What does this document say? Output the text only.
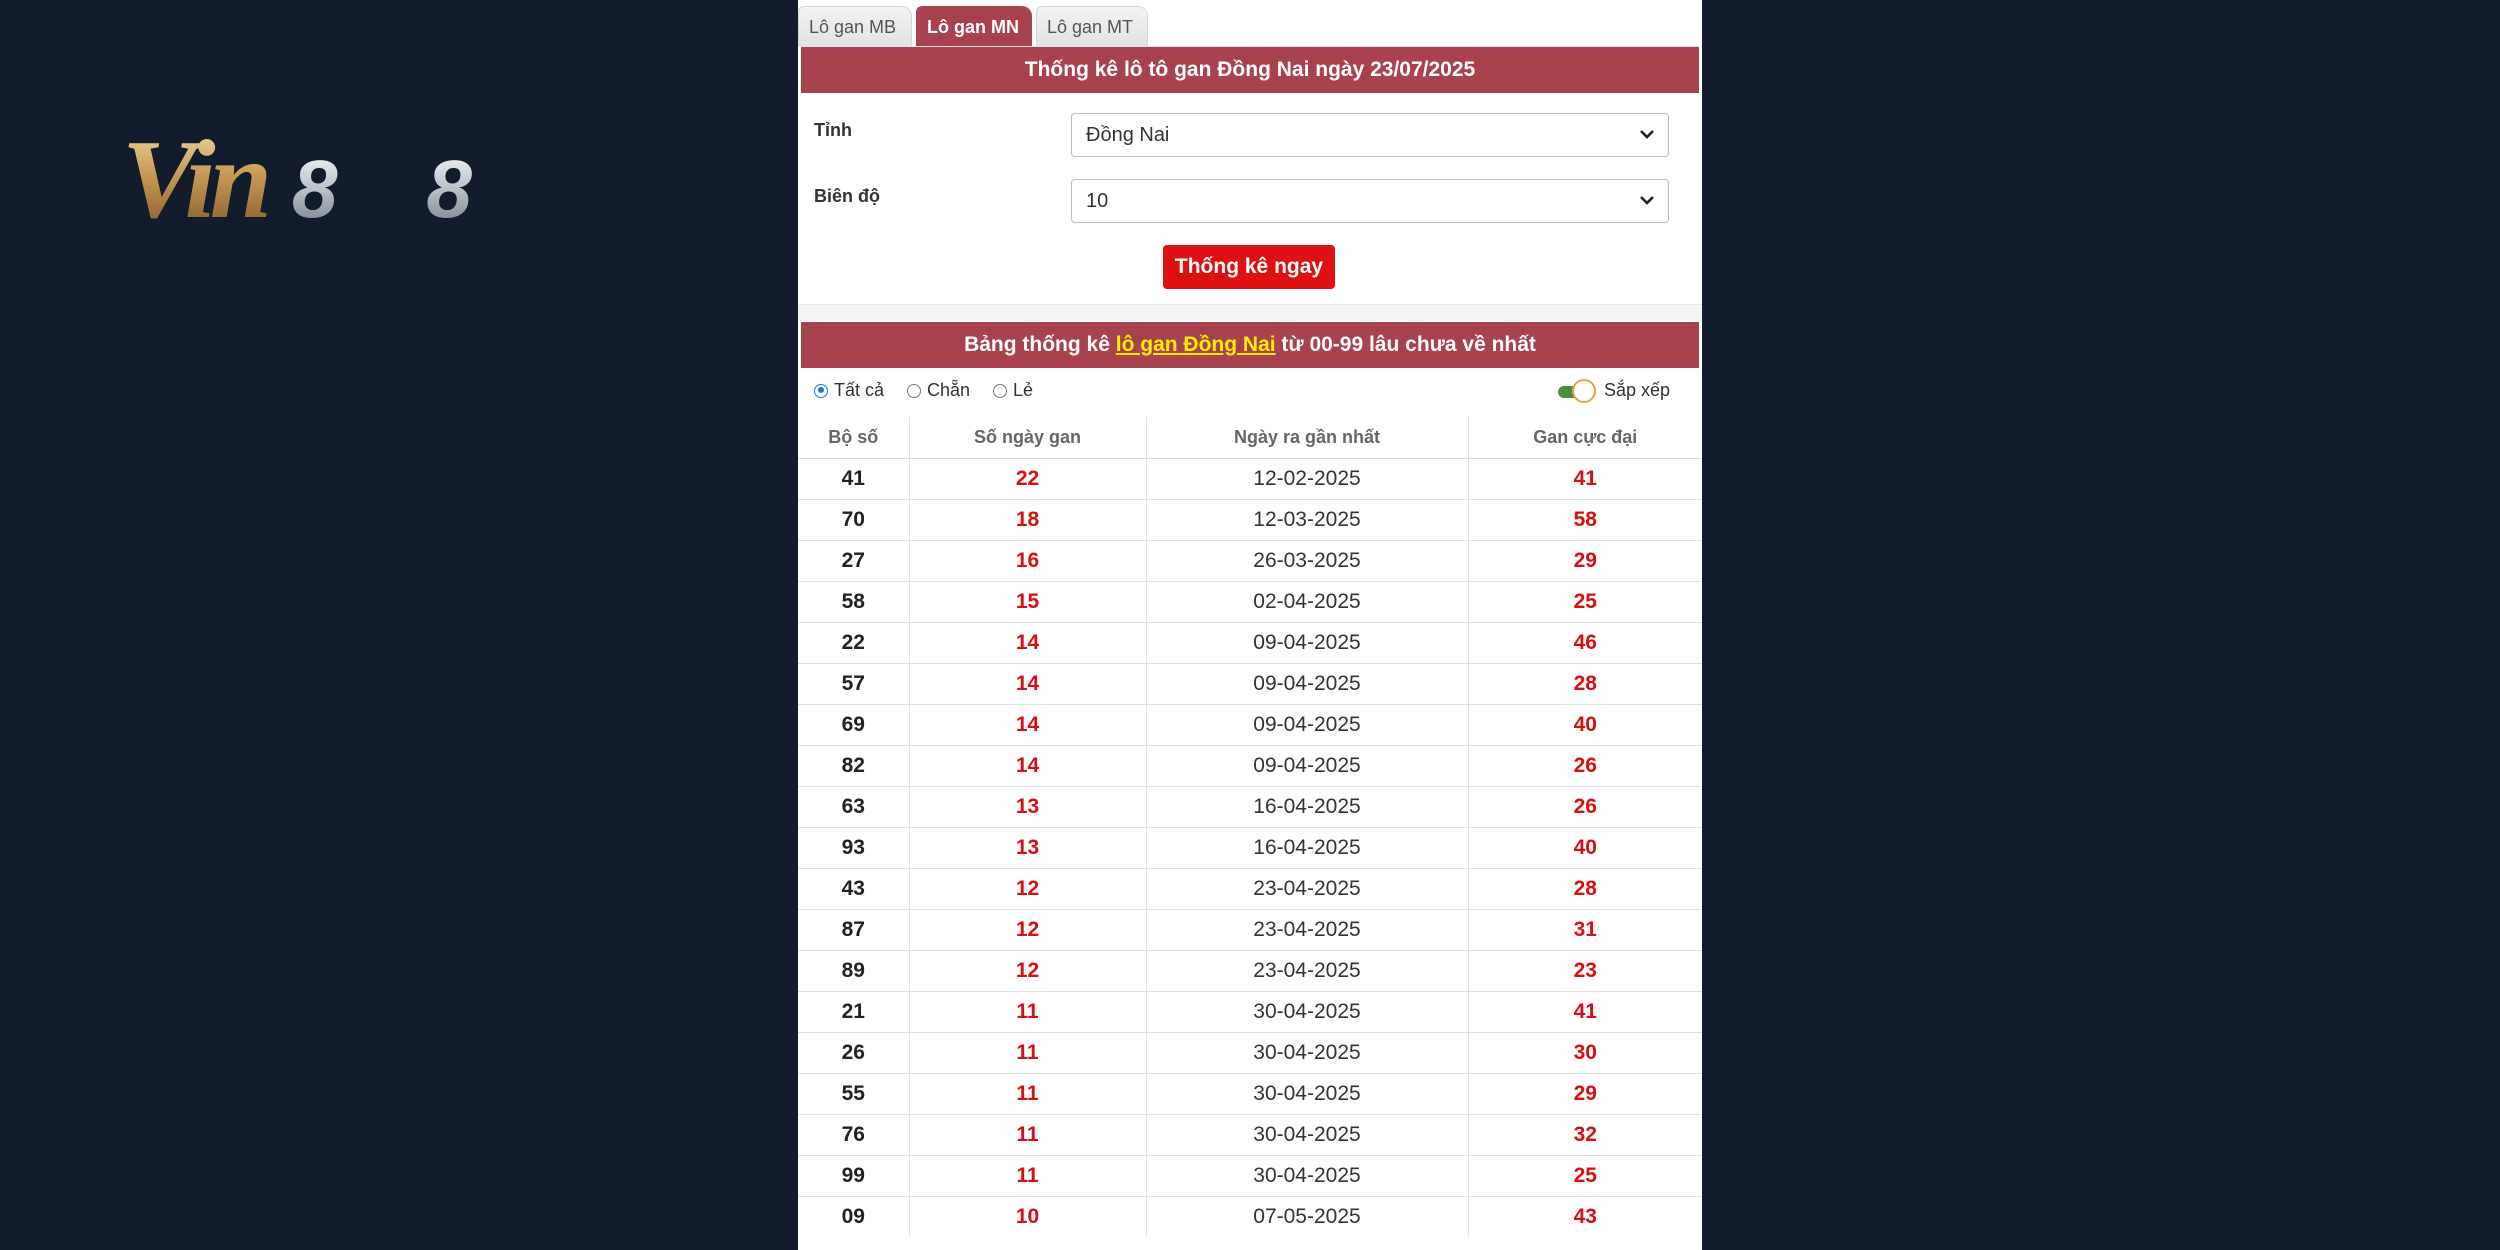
Vin 88
Lô gan MB	Lô gan MN	Lô gan MT
Thống kê lô tô gan Đồng Nai ngày 23/07/2025
Tỉnh	Đồng Nai
Biên độ	10
Thống kê ngay
Bảng thống kê lô gan Đồng Nai từ 00-99 lâu chưa về nhất
Tất cả Chẵn Lẻ	Sắp xếp
Bộ số	Số ngày gan	Ngày ra gần nhất	Gan cực đại
41	22	12-02-2025	41
70	18	12-03-2025	58
27	16	26-03-2025	29
58	15	02-04-2025	25
22	14	09-04-2025	46
57	14	09-04-2025	28
69	14	09-04-2025	40
82	14	09-04-2025	26
63	13	16-04-2025	26
93	13	16-04-2025	40
43	12	23-04-2025	28
87	12	23-04-2025	31
89	12	23-04-2025	23
21	11	30-04-2025	41
26	11	30-04-2025	30
55	11	30-04-2025	29
76	11	30-04-2025	32
99	11	30-04-2025	25
09	10	07-05-2025	43
